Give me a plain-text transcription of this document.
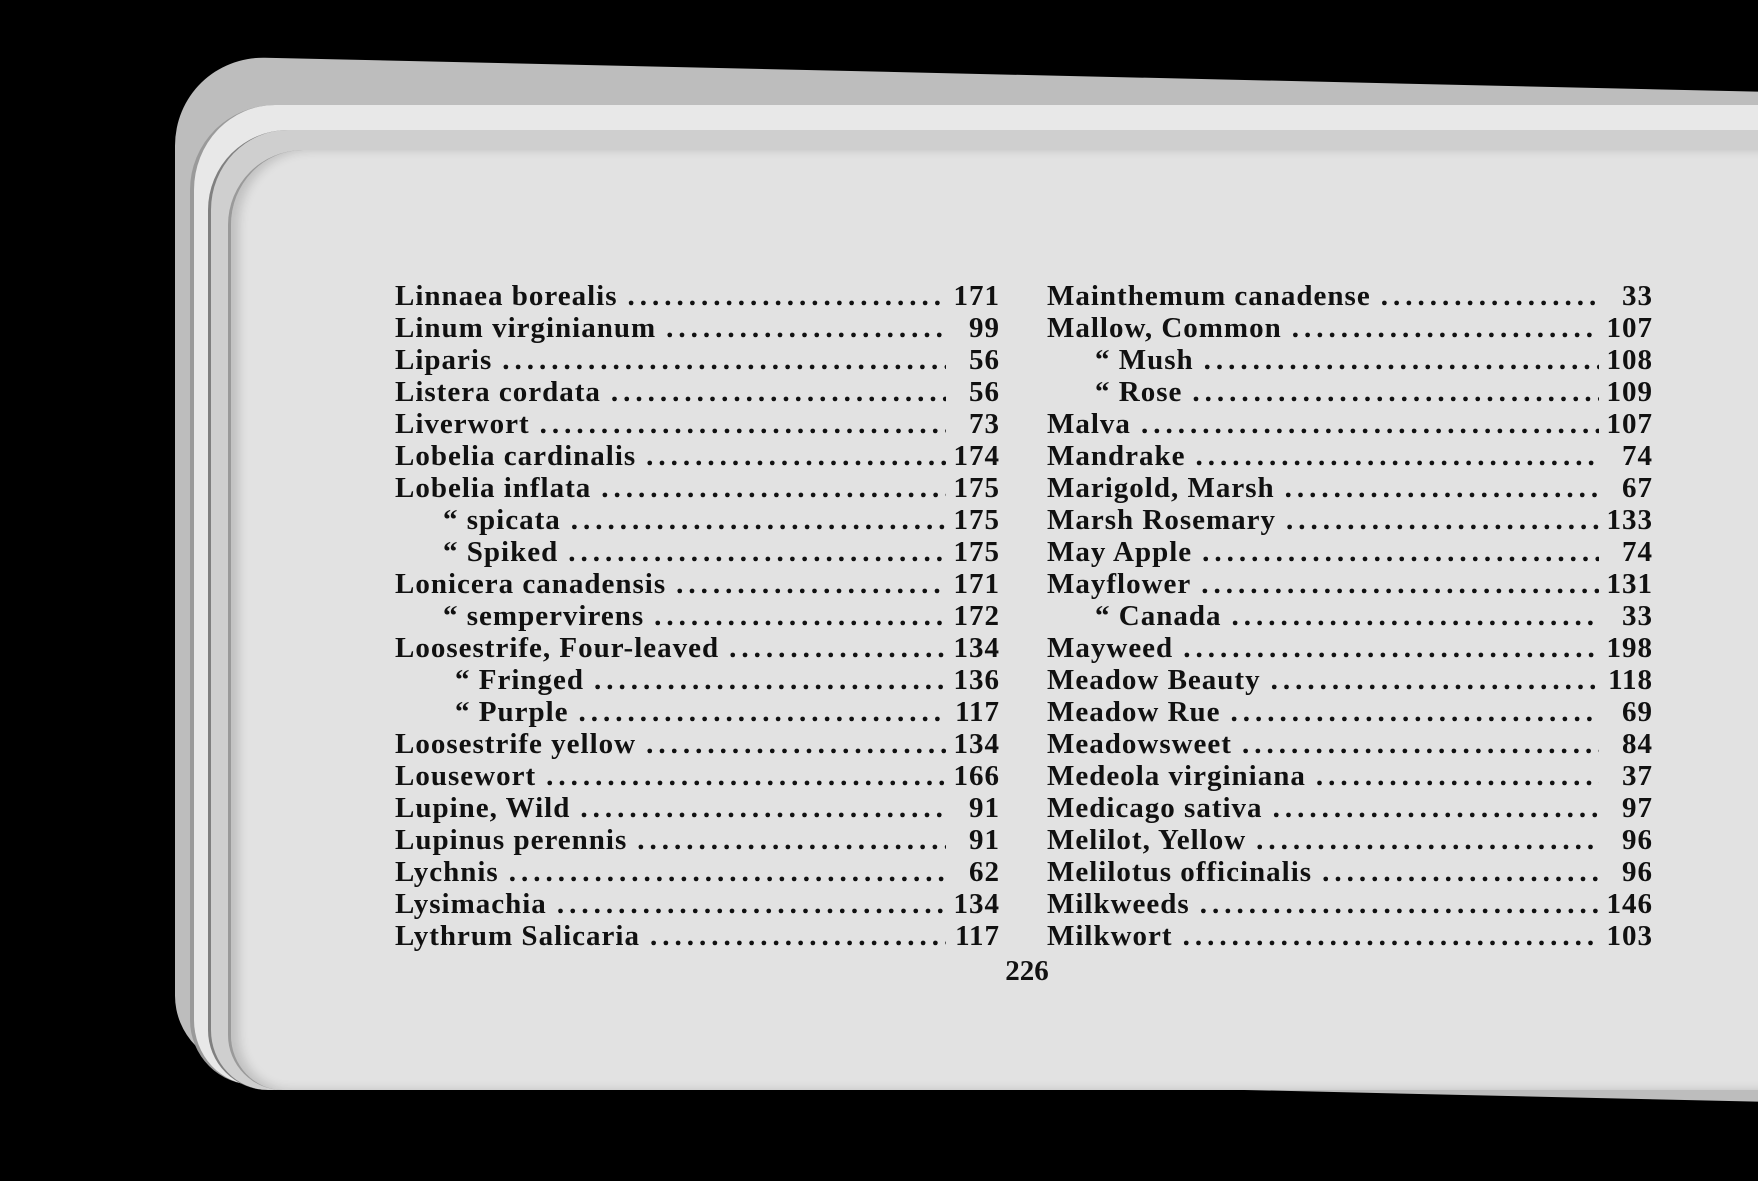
Linnaea borealis .....	171
Linum virginianum .....	99
Liparis .....	56
Listera cordata .....	56
Liverwort .....	73
Lobelia cardinalis .....	174
Lobelia inflata .....	175
“ spicata .....	175
“ Spiked .....	175
Lonicera canadensis .....	171
“ sempervirens .....	172
Loosestrife, Four-leaved .....	134
“ Fringed .....	136
“ Purple .....	117
Loosestrife yellow .....	134
Lousewort .....	166
Lupine, Wild .....	91
Lupinus perennis .....	91
Lychnis .....	62
Lysimachia .....	134
Lythrum Salicaria .....	117
Mainthemum canadense .....	33
Mallow, Common .....	107
“ Mush .....	108
“ Rose .....	109
Malva .....	107
Mandrake .....	74
Marigold, Marsh .....	67
Marsh Rosemary .....	133
May Apple .....	74
Mayflower .....	131
“ Canada .....	33
Mayweed .....	198
Meadow Beauty .....	118
Meadow Rue .....	69
Meadowsweet .....	84
Medeola virginiana .....	37
Medicago sativa .....	97
Melilot, Yellow .....	96
Melilotus officinalis .....	96
Milkweeds .....	146
Milkwort .....	103
226
